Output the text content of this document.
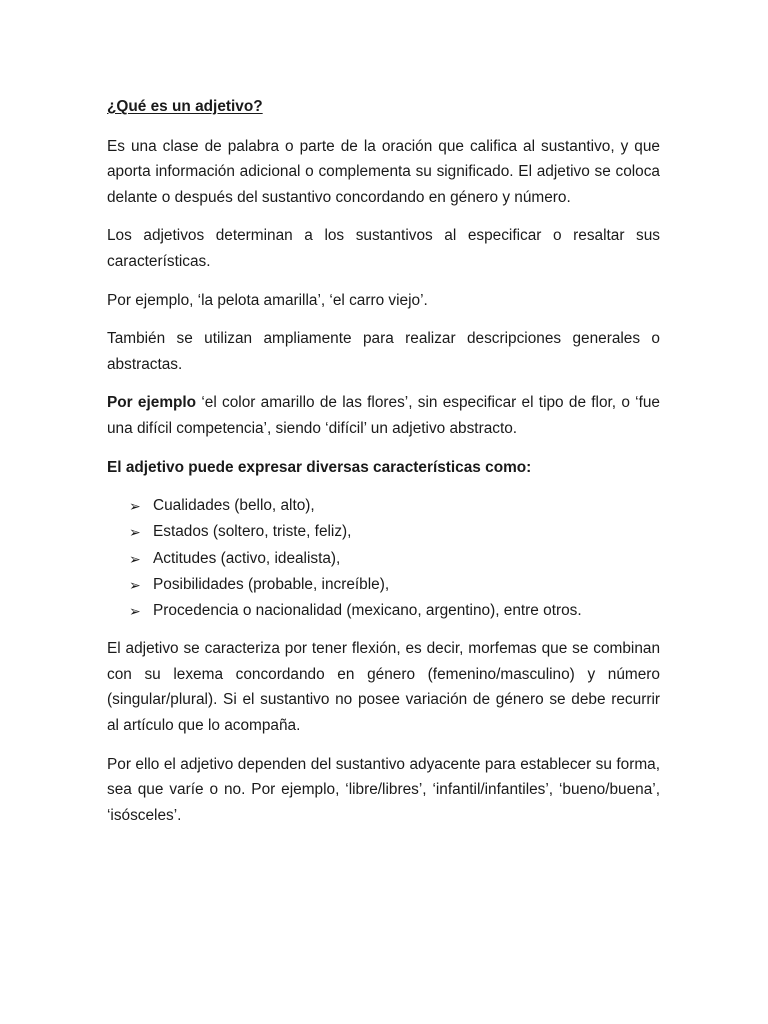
¿Qué es un adjetivo?

Es una clase de palabra o parte de la oración que califica al sustantivo, y que aporta información adicional o complementa su significado. El adjetivo se coloca delante o después del sustantivo concordando en género y número.

Los adjetivos determinan a los sustantivos al especificar o resaltar sus características.

Por ejemplo, ‘la pelota amarilla’, ‘el carro viejo’.

También se utilizan ampliamente para realizar descripciones generales o abstractas.

Por ejemplo ‘el color amarillo de las flores’, sin especificar el tipo de flor, o ‘fue una difícil competencia’, siendo ‘difícil’ un adjetivo abstracto.

El adjetivo puede expresar diversas características como:

➢ Cualidades (bello, alto),
➢ Estados (soltero, triste, feliz),
➢ Actitudes (activo, idealista),
➢ Posibilidades (probable, increíble),
➢ Procedencia o nacionalidad (mexicano, argentino), entre otros.

El adjetivo se caracteriza por tener flexión, es decir, morfemas que se combinan con su lexema concordando en género (femenino/masculino) y número (singular/plural). Si el sustantivo no posee variación de género se debe recurrir al artículo que lo acompaña.

Por ello el adjetivo dependen del sustantivo adyacente para establecer su forma, sea que varíe o no. Por ejemplo, ‘libre/libres’, ‘infantil/infantiles’, ‘bueno/buena’, ‘isósceles’.
